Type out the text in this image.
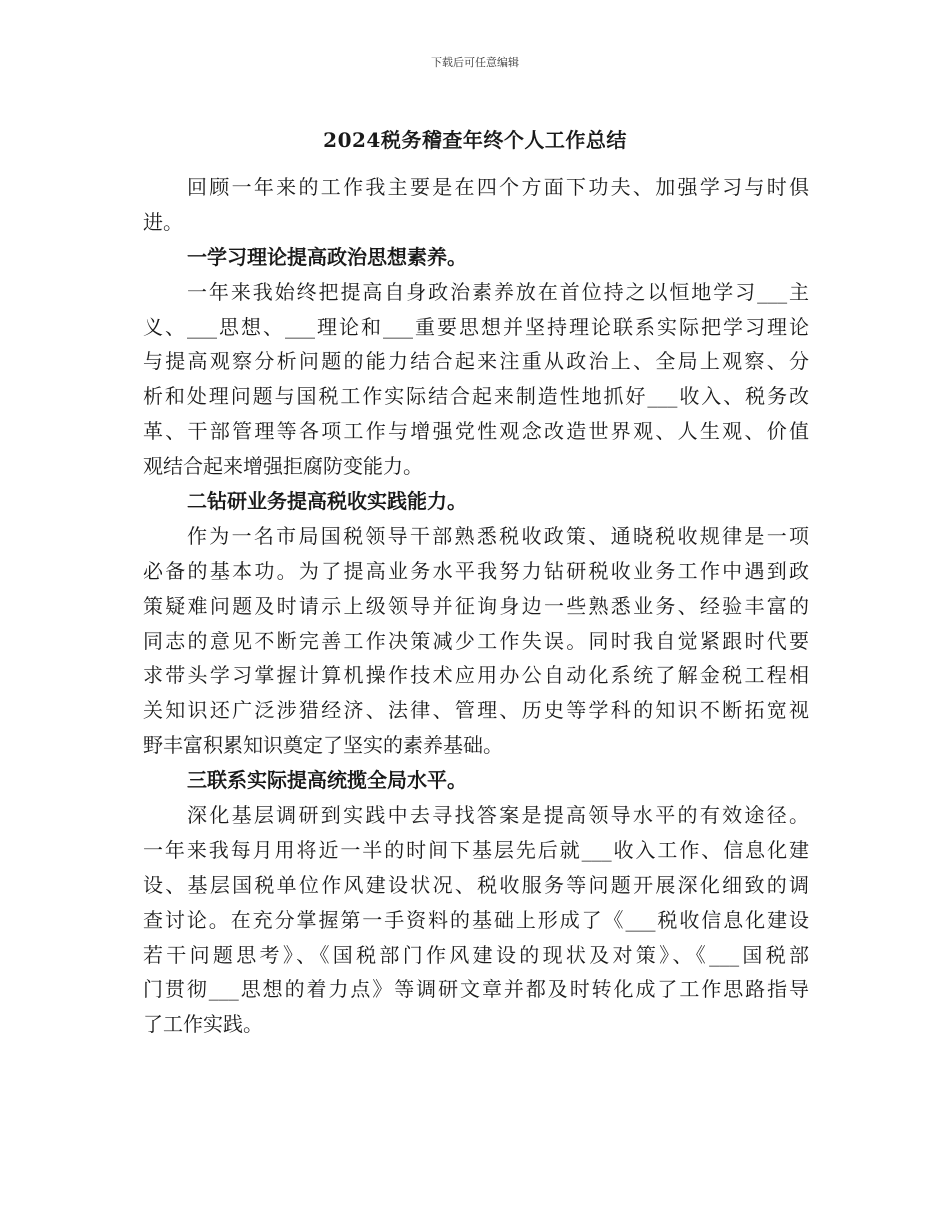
下载后可任意编辑
2024税务稽查年终个人工作总结
回顾一年来的工作我主要是在四个方面下功夫、加强学习与时俱
进。
一学习理论提高政治思想素养。
一年来我始终把提高自身政治素养放在首位持之以恒地学习___主
义、___思想、___理论和___重要思想并坚持理论联系实际把学习理论
与提高观察分析问题的能力结合起来注重从政治上、全局上观察、分
析和处理问题与国税工作实际结合起来制造性地抓好___收入、税务改
革、干部管理等各项工作与增强党性观念改造世界观、人生观、价值
观结合起来增强拒腐防变能力。
二钻研业务提高税收实践能力。
作为一名市局国税领导干部熟悉税收政策、通晓税收规律是一项
必备的基本功。为了提高业务水平我努力钻研税收业务工作中遇到政
策疑难问题及时请示上级领导并征询身边一些熟悉业务、经验丰富的
同志的意见不断完善工作决策减少工作失误。同时我自觉紧跟时代要
求带头学习掌握计算机操作技术应用办公自动化系统了解金税工程相
关知识还广泛涉猎经济、法律、管理、历史等学科的知识不断拓宽视
野丰富积累知识奠定了坚实的素养基础。
三联系实际提高统揽全局水平。
深化基层调研到实践中去寻找答案是提高领导水平的有效途径。
一年来我每月用将近一半的时间下基层先后就___收入工作、信息化建
设、基层国税单位作风建设状况、税收服务等问题开展深化细致的调
查讨论。在充分掌握第一手资料的基础上形成了《___税收信息化建设
若干问题思考》、《国税部门作风建设的现状及对策》、《___国税部
门贯彻___思想的着力点》等调研文章并都及时转化成了工作思路指导
了工作实践。
